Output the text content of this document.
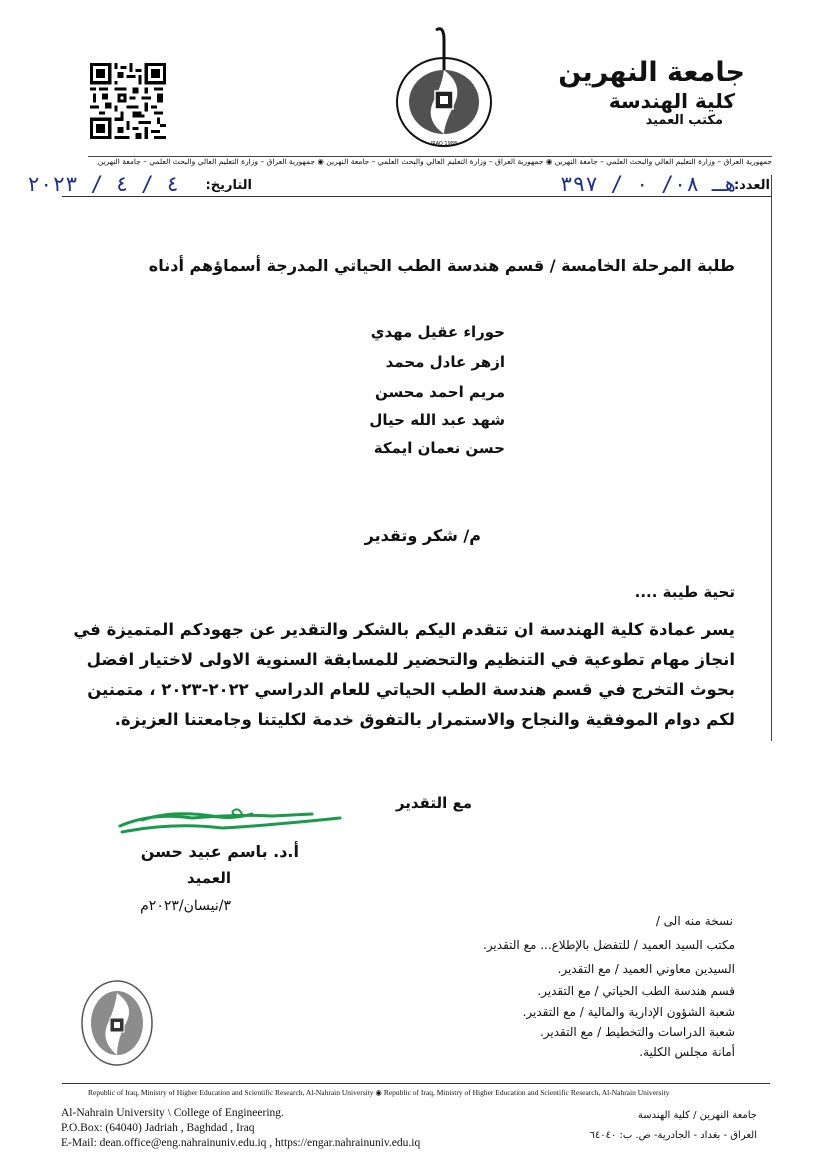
IRAQ 1988
جامعة النهرين
كلية الهندسة
مكتب العميد
جمهورية العراق – وزارة التعليم العالي والبحث العلمي – جامعة النهرين ◉ جمهورية العراق – وزارة التعليم العالي والبحث العلمي – جامعة النهرين ◉ جمهورية العراق – وزارة التعليم العالي والبحث العلمي – جامعة النهرين
العدد:
هـ ٠٨/ ٠ / ٣٩٧
التاريخ:
٤ / ٤ / ٢٠٢٣
طلبة المرحلة الخامسة / قسم هندسة الطب الحياتي المدرجة أسماؤهم أدناه
حوراء عقيل مهدي
ازهر عادل محمد
مريم احمد محسن
شهد عبد الله حيال
حسن نعمان ايمكة
م/ شكر وتقدير
تحية طيبة ....
يسر عمادة كلية الهندسة ان تتقدم اليكم بالشكر والتقدير عن جهودكم المتميزة في
انجاز مهام تطوعية في التنظيم والتحضير للمسابقة السنوية الاولى لاختيار افضل
بحوث التخرج في قسم هندسة الطب الحياتي للعام الدراسي ٢٠٢٢-٢٠٢٣ ، متمنين
لكم دوام الموفقية والنجاح والاستمرار بالتفوق خدمة لكليتنا وجامعتنا العزيزة.
مع التقدير
أ.د. باسم عبيد حسن
العميد
٣/نيسان/٢٠٢٣م
نسخة منه الى /
مكتب السيد العميد / للتفضل بالإطلاع... مع التقدير.
السيدين معاوني العميد / مع التقدير.
قسم هندسة الطب الحياتي / مع التقدير.
شعبة الشؤون الإدارية والمالية / مع التقدير.
شعبة الدراسات والتخطيط / مع التقدير.
أمانة مجلس الكلية.
Republic of Iraq, Ministry of Higher Education and Scientific Research, Al-Nahrain University ◉ Republic of Iraq, Ministry of Higher Education and Scientific Research, Al-Nahrain University
Al-Nahrain University \ College of Engineering.
P.O.Box: (64040) Jadriah , Baghdad , Iraq
E-Mail: dean.office@eng.nahrainuniv.edu.iq , https://engar.nahrainuniv.edu.iq
جامعة النهرين / كلية الهندسة
العراق - بغداد - الجادرية- ص. ب: ٦٤٠٤٠
